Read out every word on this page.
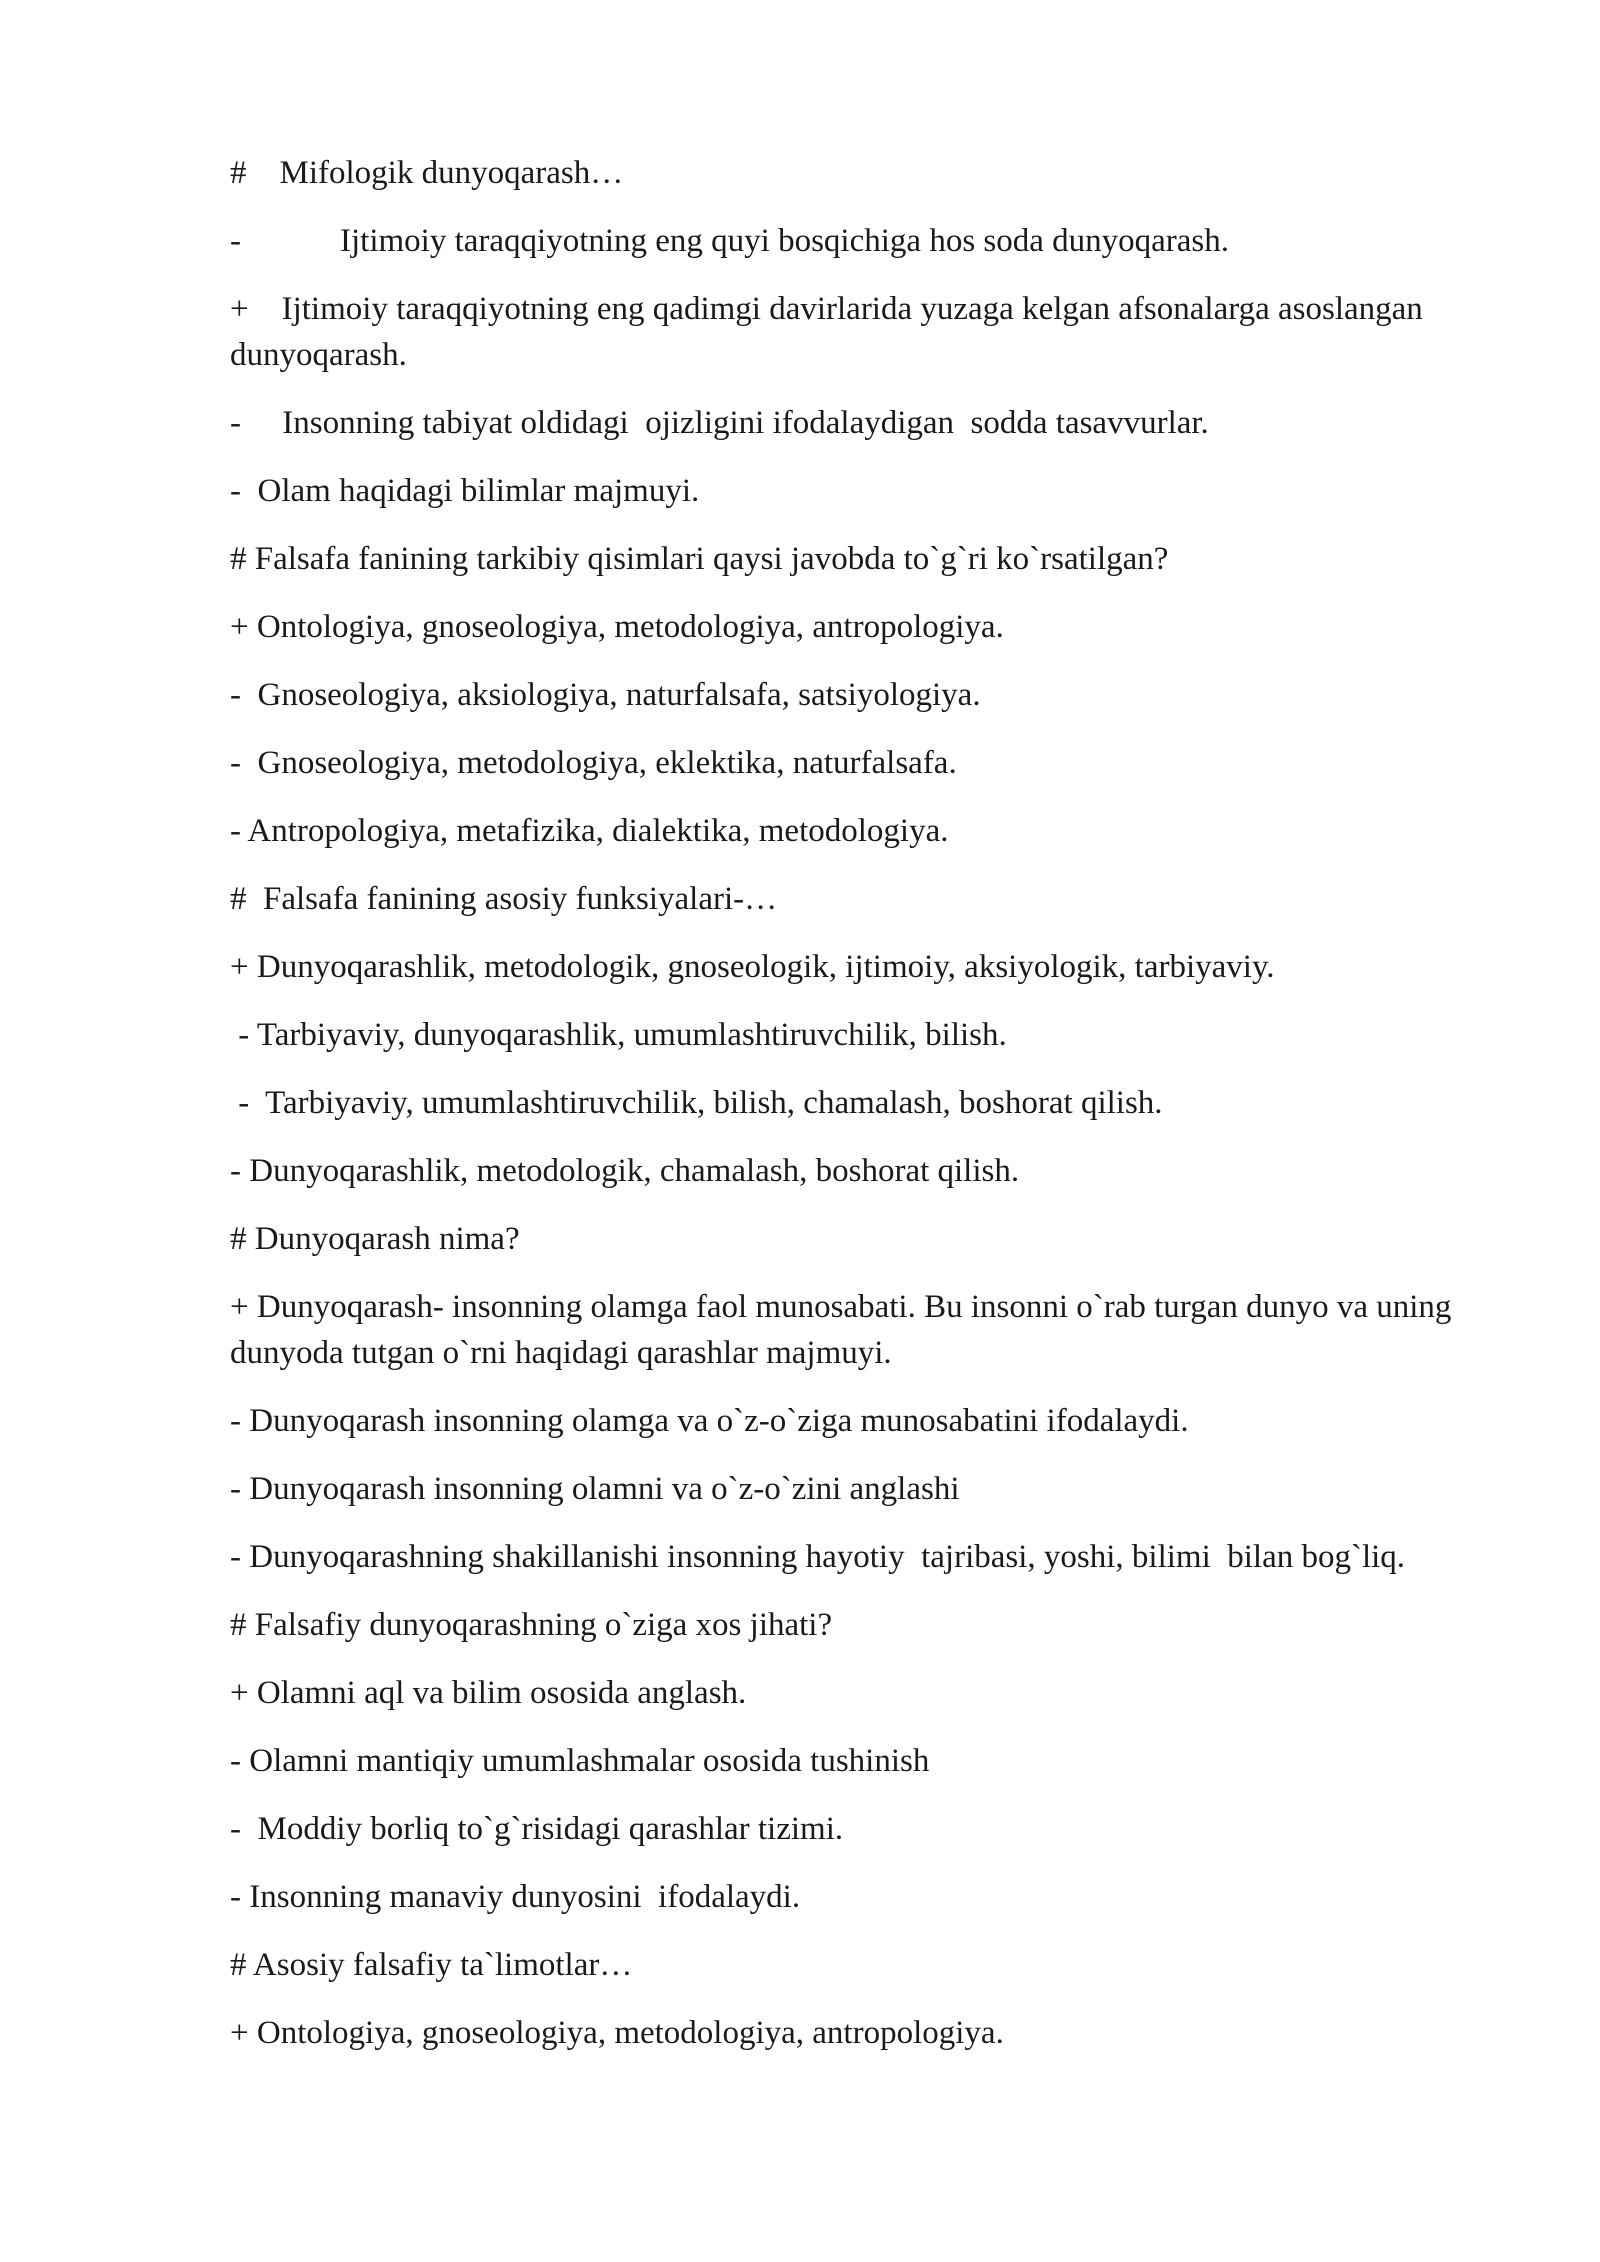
#    Mifologik dunyoqarash…

-            Ijtimoiy taraqqiyotning eng quyi bosqichiga hos soda dunyoqarash.

+    Ijtimoiy taraqqiyotning eng qadimgi davirlarida yuzaga kelgan afsonalarga asoslangan dunyoqarash.

-     Insonning tabiyat oldidagi  ojizligini ifodalaydigan  sodda tasavvurlar.

-  Olam haqidagi bilimlar majmuyi.

# Falsafa fanining tarkibiy qisimlari qaysi javobda to`g`ri ko`rsatilgan?

+ Ontologiya, gnoseologiya, metodologiya, antropologiya.

-  Gnoseologiya, aksiologiya, naturfalsafa, satsiyologiya.

-  Gnoseologiya, metodologiya, eklektika, naturfalsafa.

- Antropologiya, metafizika, dialektika, metodologiya.

#  Falsafa fanining asosiy funksiyalari-…

+ Dunyoqarashlik, metodologik, gnoseologik, ijtimoiy, aksiyologik, tarbiyaviy.

- Tarbiyaviy, dunyoqarashlik, umumlashtiruvchilik, bilish.

-  Tarbiyaviy, umumlashtiruvchilik, bilish, chamalash, boshorat qilish.

- Dunyoqarashlik, metodologik, chamalash, boshorat qilish.

# Dunyoqarash nima?

+ Dunyoqarash- insonning olamga faol munosabati. Bu insonni o`rab turgan dunyo va uning dunyoda tutgan o`rni haqidagi qarashlar majmuyi.

- Dunyoqarash insonning olamga va o`z-o`ziga munosabatini ifodalaydi.

- Dunyoqarash insonning olamni va o`z-o`zini anglashi

- Dunyoqarashning shakillanishi insonning hayotiy  tajribasi, yoshi, bilimi  bilan bog`liq.

# Falsafiy dunyoqarashning o`ziga xos jihati?

+ Olamni aql va bilim ososida anglash.

- Olamni mantiqiy umumlashmalar ososida tushinish

-  Moddiy borliq to`g`risidagi qarashlar tizimi.

- Insonning manaviy dunyosini  ifodalaydi.

# Asosiy falsafiy ta`limotlar…

+ Ontologiya, gnoseologiya, metodologiya, antropologiya.
